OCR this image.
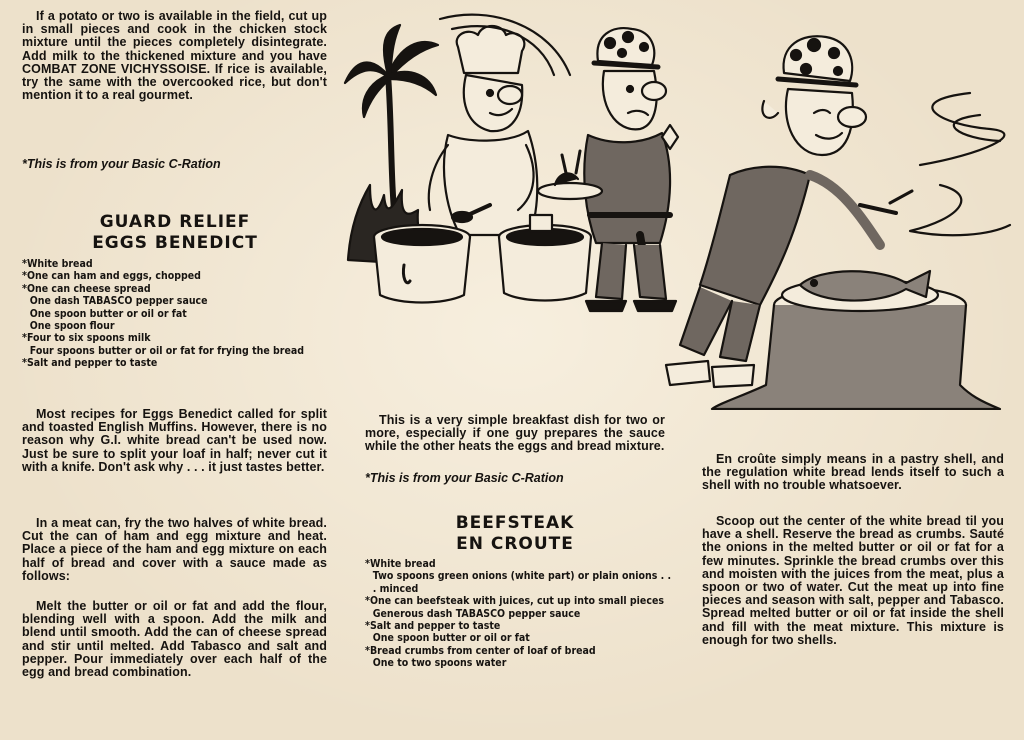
If a potato or two is available in the field, cut up in small pieces and cook in the chicken stock mixture until the pieces completely disintegrate. Add milk to the thickened mixture and you have COMBAT ZONE VICHYSSOISE. If rice is available, try the same with the overcooked rice, but don't mention it to a real gourmet.

*This is from your Basic C-Ration

GUARD RELIEF
EGGS BENEDICT
*White bread
*One can ham and eggs, chopped
*One can cheese spread
One dash TABASCO pepper sauce
One spoon butter or oil or fat
One spoon flour
*Four to six spoons milk
Four spoons butter or oil or fat for frying the bread
*Salt and pepper to taste

Most recipes for Eggs Benedict called for split and toasted English Muffins. However, there is no reason why G.I. white bread can't be used now. Just be sure to split your loaf in half; never cut it with a knife. Don't ask why . . . it just tastes better.

In a meat can, fry the two halves of white bread. Cut the can of ham and egg mixture and heat. Place a piece of the ham and egg mixture on each half of bread and cover with a sauce made as follows:

Melt the butter or oil or fat and add the flour, blending well with a spoon. Add the milk and blend until smooth. Add the can of cheese spread and stir until melted. Add Tabasco and salt and pepper. Pour immediately over each half of the egg and bread combination.

This is a very simple breakfast dish for two or more, especially if one guy prepares the sauce while the other heats the eggs and bread mixture.

*This is from your Basic C-Ration

BEEFSTEAK
EN CROUTE
*White bread
Two spoons green onions (white part) or plain onions . . . minced
*One can beefsteak with juices, cut up into small pieces
Generous dash TABASCO pepper sauce
*Salt and pepper to taste
One spoon butter or oil or fat
*Bread crumbs from center of loaf of bread
One to two spoons water

En croûte simply means in a pastry shell, and the regulation white bread lends itself to such a shell with no trouble whatsoever.

Scoop out the center of the white bread til you have a shell. Reserve the bread as crumbs. Sauté the onions in the melted butter or oil or fat for a few minutes. Sprinkle the bread crumbs over this and moisten with the juices from the meat, plus a spoon or two of water. Cut the meat up into fine pieces and season with salt, pepper and Tabasco. Spread melted butter or oil or fat inside the shell and fill with the meat mixture. This mixture is enough for two shells.
